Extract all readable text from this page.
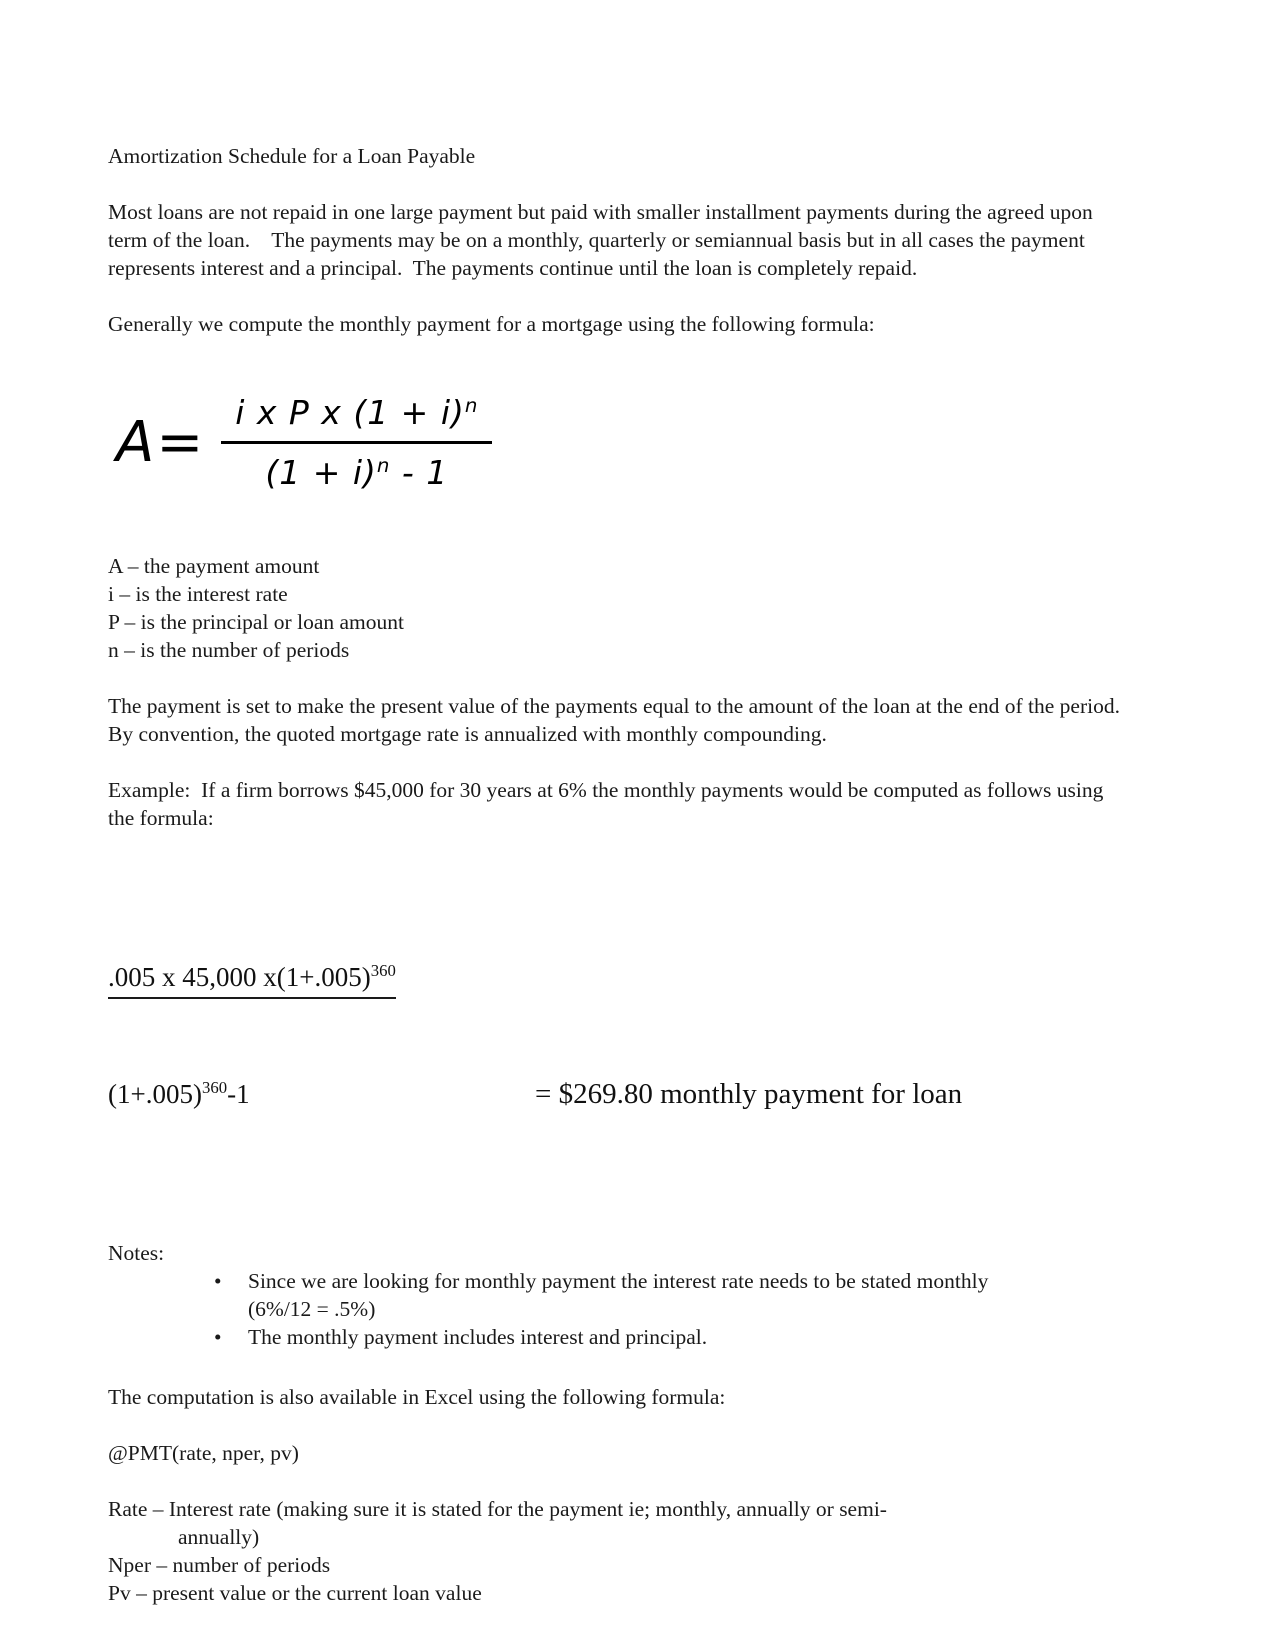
Amortization Schedule for a Loan Payable

Most loans are not repaid in one large payment but paid with smaller installment payments during the agreed upon term of the loan.    The payments may be on a monthly, quarterly or semiannual basis but in all cases the payment represents interest and a principal.  The payments continue until the loan is completely repaid.

Generally we compute the monthly payment for a mortgage using the following formula:

$A= \frac{i x P x (1 + i)^n}{(1 + i)^n - 1}$

A – the payment amount

i – is the interest rate

P – is the principal or loan amount

n – is the number of periods

The payment is set to make the present value of the payments equal to the amount of the loan at the end of the period.  By convention, the quoted mortgage rate is annualized with monthly compounding.

Example:  If a firm borrows $45,000 for 30 years at 6% the monthly payments would be computed as follows using the formula:

.005 x 45,000 $x(1+.005)^{360}$

$(1+.005)^{360}-1$	= $269.80 monthly payment for loan

Notes:

• Since we are looking for monthly payment the interest rate needs to be stated monthly (6%/12 = .5%)
• The monthly payment includes interest and principal.

The computation is also available in Excel using the following formula:

@PMT(rate, nper, pv)

Rate – Interest rate (making sure it is stated for the payment ie; monthly, annually or semi-

annually)

Nper – number of periods

Pv – present value or the current loan value
